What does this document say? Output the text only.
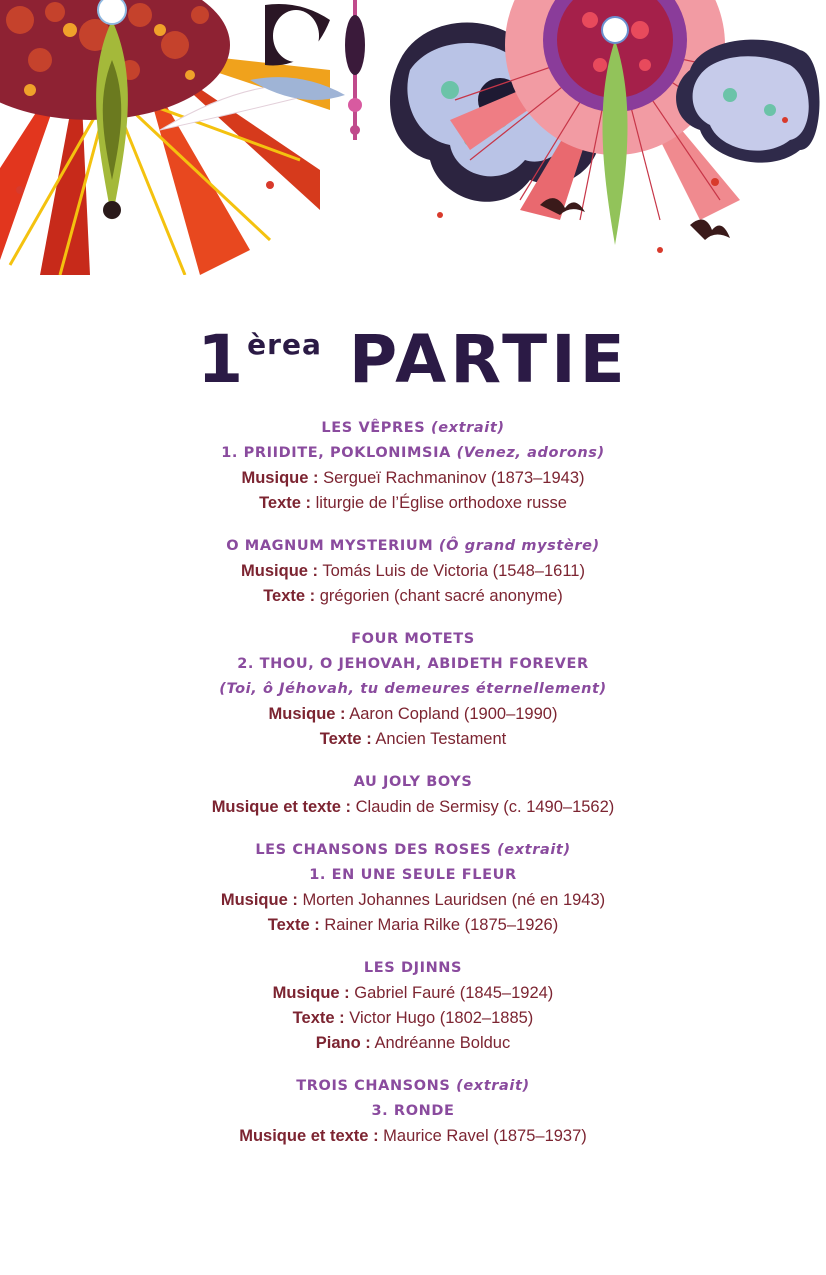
$1^{èrea}$ PARTIE
LES VÊPRES (extrait)
1. PRIIDITE, POKLONIMSIA (Venez, adorons)
Musique : Sergueï Rachmaninov (1873–1943)
Texte : liturgie de l’Église orthodoxe russe
O MAGNUM MYSTERIUM (Ô grand mystère)
Musique : Tomás Luis de Victoria (1548–1611)
Texte : grégorien (chant sacré anonyme)
FOUR MOTETS
2. THOU, O JEHOVAH, ABIDETH FOREVER
(Toi, ô Jéhovah, tu demeures éternellement)
Musique : Aaron Copland (1900–1990)
Texte : Ancien Testament
AU JOLY BOYS
Musique et texte : Claudin de Sermisy (c. 1490–1562)
LES CHANSONS DES ROSES (extrait)
1. EN UNE SEULE FLEUR
Musique : Morten Johannes Lauridsen (né en 1943)
Texte : Rainer Maria Rilke (1875–1926)
LES DJINNS
Musique : Gabriel Fauré (1845–1924)
Texte : Victor Hugo (1802–1885)
Piano : Andréanne Bolduc
TROIS CHANSONS (extrait)
3. RONDE
Musique et texte : Maurice Ravel (1875–1937)
